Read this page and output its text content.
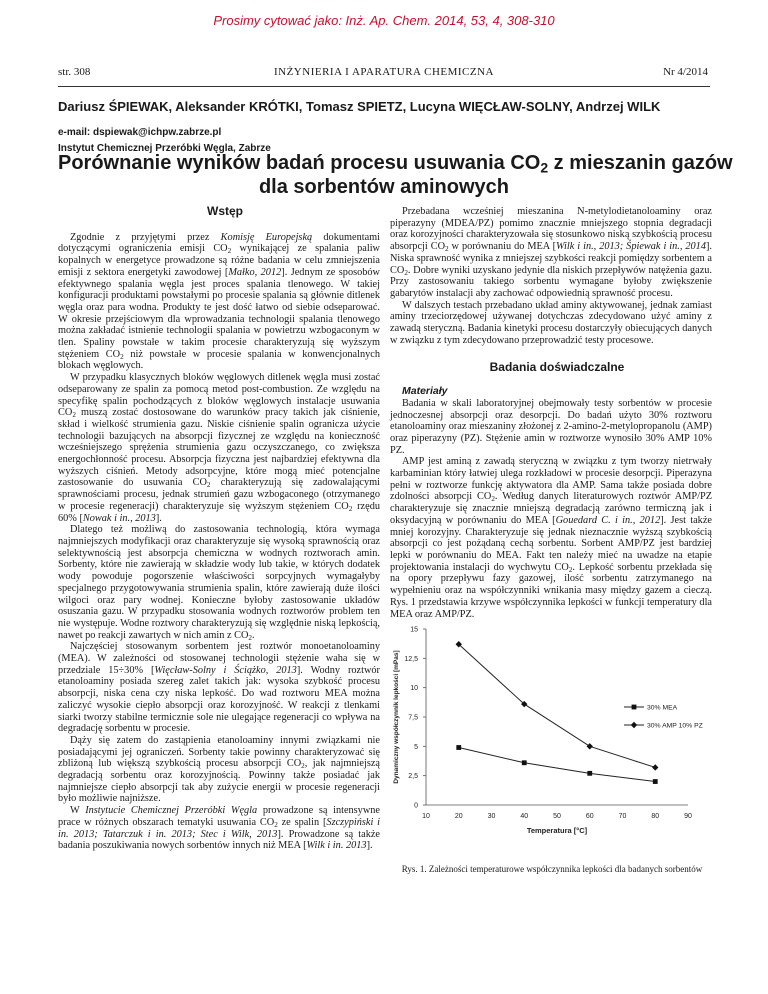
Prosimy cytować jako: Inż. Ap. Chem. 2014, 53, 4, 308-310
str. 308	INŻYNIERIA I APARATURA CHEMICZNA	Nr 4/2014
Dariusz ŚPIEWAK, Aleksander KRÓTKI, Tomasz SPIETZ, Lucyna WIĘCŁAW-SOLNY, Andrzej WILK
e-mail: dspiewak@ichpw.zabrze.pl
Instytut Chemicznej Przeróbki Węgla, Zabrze
Porównanie wyników badań procesu usuwania $CO_2$ z mieszanin gazów
dla sorbentów aminowych

Wstęp

Zgodnie z przyjętymi przez Komisję Europejską dokumentami dotyczącymi ograniczenia emisji $CO_2$ wynikającej ze spalania paliw kopalnych w energetyce prowadzone są różne badania w celu zmniejszenia emisji z sektora energetyki zawodowej [Małko, 2012]. Jednym ze sposobów efektywnego spalania węgla jest proces spalania tlenowego. W takiej konfiguracji produktami powstałymi po procesie spalania są głównie ditlenek węgla oraz para wodna. Produkty te jest dość łatwo od siebie odseparować. W okresie przejściowym dla wprowadzania technologii spalania tlenowego można zakładać istnienie technologii spalania w powietrzu wzbogaconym w tlen. Spaliny powstałe w takim procesie charakteryzują się wyższym stężeniem $CO_2$ niż powstałe w procesie spalania w konwencjonalnych blokach węglowych.

W przypadku klasycznych bloków węglowych ditlenek węgla musi zostać odseparowany ze spalin za pomocą metod post-combustion. Ze względu na specyfikę spalin pochodzących z bloków węglowych instalacje usuwania $CO_2$ muszą zostać dostosowane do warunków pracy takich jak ciśnienie, skład i wielkość strumienia gazu. Niskie ciśnienie spalin ogranicza użycie technologii bazujących na absorpcji fizycznej ze względu na konieczność wcześniejszego sprężenia strumienia gazu oczyszczanego, co zwiększa energochłonność procesu. Absorpcja fizyczna jest najbardziej efektywna dla wyższych ciśnień. Metody adsorpcyjne, które mogą mieć potencjalne zastosowanie do usuwania $CO_2$ charakteryzują się zadowalającymi sprawnościami procesu, jednak strumień gazu wzbogaconego (otrzymanego w procesie regeneracji) charakteryzuje się wyższym stężeniem $CO_2$ rzędu 60% [Nowak i in., 2013].

Dlatego też możliwą do zastosowania technologią, która wymaga najmniejszych modyfikacji oraz charakteryzuje się wysoką sprawnością oraz selektywnością jest absorpcja chemiczna w wodnych roztworach amin. Sorbenty, które nie zawierają w składzie wody lub takie, w których dodatek wody powoduje pogorszenie właściwości sorpcyjnych wymagałyby specjalnego przygotowywania strumienia spalin, które zawierają duże ilości wilgoci oraz pary wodnej. Konieczne byłoby zastosowanie układów osuszania gazu. W przypadku stosowania wodnych roztworów problem ten nie występuje. Wodne roztwory charakteryzują się względnie niską lepkością, nawet po reakcji zawartych w nich amin z $CO_2$.

Najczęściej stosowanym sorbentem jest roztwór monoetanoloaminy (MEA). W zależności od stosowanej technologii stężenie waha się w przedziale 15÷30% [Więcław-Solny i Ściążko, 2013]. Wodny roztwór etanoloaminy posiada szereg zalet takich jak: wysoka szybkość procesu absorpcji, niska cena czy niska lepkość. Do wad roztworu MEA można zaliczyć wysokie ciepło absorpcji oraz korozyjność. W reakcji z tlenkami siarki tworzy stabilne termicznie sole nie ulegające regeneracji co wpływa na degradację sorbentu w procesie.

Dąży się zatem do zastąpienia etanoloaminy innymi związkami nie posiadającymi jej ograniczeń. Sorbenty takie powinny charakteryzować się zbliżoną lub większą szybkością procesu absorpcji $CO_2$, jak najmniejszą degradacją sorbentu oraz korozyjnością. Powinny także posiadać jak najmniejsze ciepło absorpcji tak aby zużycie energii w procesie regeneracji było możliwie najniższe.

W Instytucie Chemicznej Przeróbki Węgla prowadzone są intensywne prace w różnych obszarach tematyki usuwania $CO_2$ ze spalin [Szczypiński i in. 2013; Tatarczuk i in. 2013; Stec i Wilk, 2013]. Prowadzone są także badania poszukiwania nowych sorbentów innych niż MEA [Wilk i in. 2013].

Przebadana wcześniej mieszanina N-metylodietanoloaminy oraz piperazyny (MDEA/PZ) pomimo znacznie mniejszego stopnia degradacji oraz korozyjności charakteryzowała się stosunkowo niską szybkością procesu absorpcji $CO_2$ w porównaniu do MEA [Wilk i in., 2013; Śpiewak i in., 2014]. Niska sprawność wynika z mniejszej szybkości reakcji pomiędzy sorbentem a $CO_2$. Dobre wyniki uzyskano jedynie dla niskich przepływów natężenia gazu. Przy zastosowaniu takiego sorbentu wymagane byłoby zwiększenie gabarytów instalacji aby zachować odpowiednią sprawność procesu.

W dalszych testach przebadano układ aminy aktywowanej, jednak zamiast aminy trzeciorzędowej używanej dotychczas zdecydowano użyć aminy z zawadą steryczną. Badania kinetyki procesu dostarczyły obiecujących danych w związku z tym zdecydowano przeprowadzić testy procesowe.

Badania doświadczalne

Materiały

Badania w skali laboratoryjnej obejmowały testy sorbentów w procesie jednoczesnej absorpcji oraz desorpcji. Do badań użyto 30% roztworu etanoloaminy oraz mieszaniny złożonej z 2-amino-2-metylopropanolu (AMP) oraz piperazyny (PZ). Stężenie amin w roztworze wynosiło 30% AMP 10% PZ.

AMP jest aminą z zawadą steryczną w związku z tym tworzy nietrwały karbaminian który łatwiej ulega rozkładowi w procesie desorpcji. Piperazyna pełni w roztworze funkcję aktywatora dla AMP. Sama także posiada dobre zdolności absorpcji $CO_2$. Według danych literaturowych roztwór AMP/PZ charakteryzuje się znacznie mniejszą degradacją zarówno termiczną jak i oksydacyjną w porównaniu do MEA [Gouedard C. i in., 2012]. Jest także mniej korozyjny. Charakteryzuje się jednak nieznacznie wyższą szybkością absorpcji co jest pożądaną cechą sorbentu. Sorbent AMP/PZ jest bardziej lepki w porównaniu do MEA. Fakt ten należy mieć na uwadze na etapie projektowania instalacji do wychwytu $CO_2$. Lepkość sorbentu przekłada się na opory przepływu fazy gazowej, ilość sorbentu zatrzymanego na wypełnieniu oraz na współczynniki wnikania masy między gazem a cieczą. Rys. 1 przedstawia krzywe współczynnika lepkości w funkcji temperatury dla MEA oraz AMP/PZ.

10	20	30	40	50	60	70	80	90
0
2,5
5
7,5
10
12,5
15
Temperatura [°C]
Dynamiczny współczynnik lepkości [mPas]	30% MEA
30% AMP 10% PZ
Rys. 1. Zależności temperaturowe współczynnika lepkości dla badanych sorbentów
